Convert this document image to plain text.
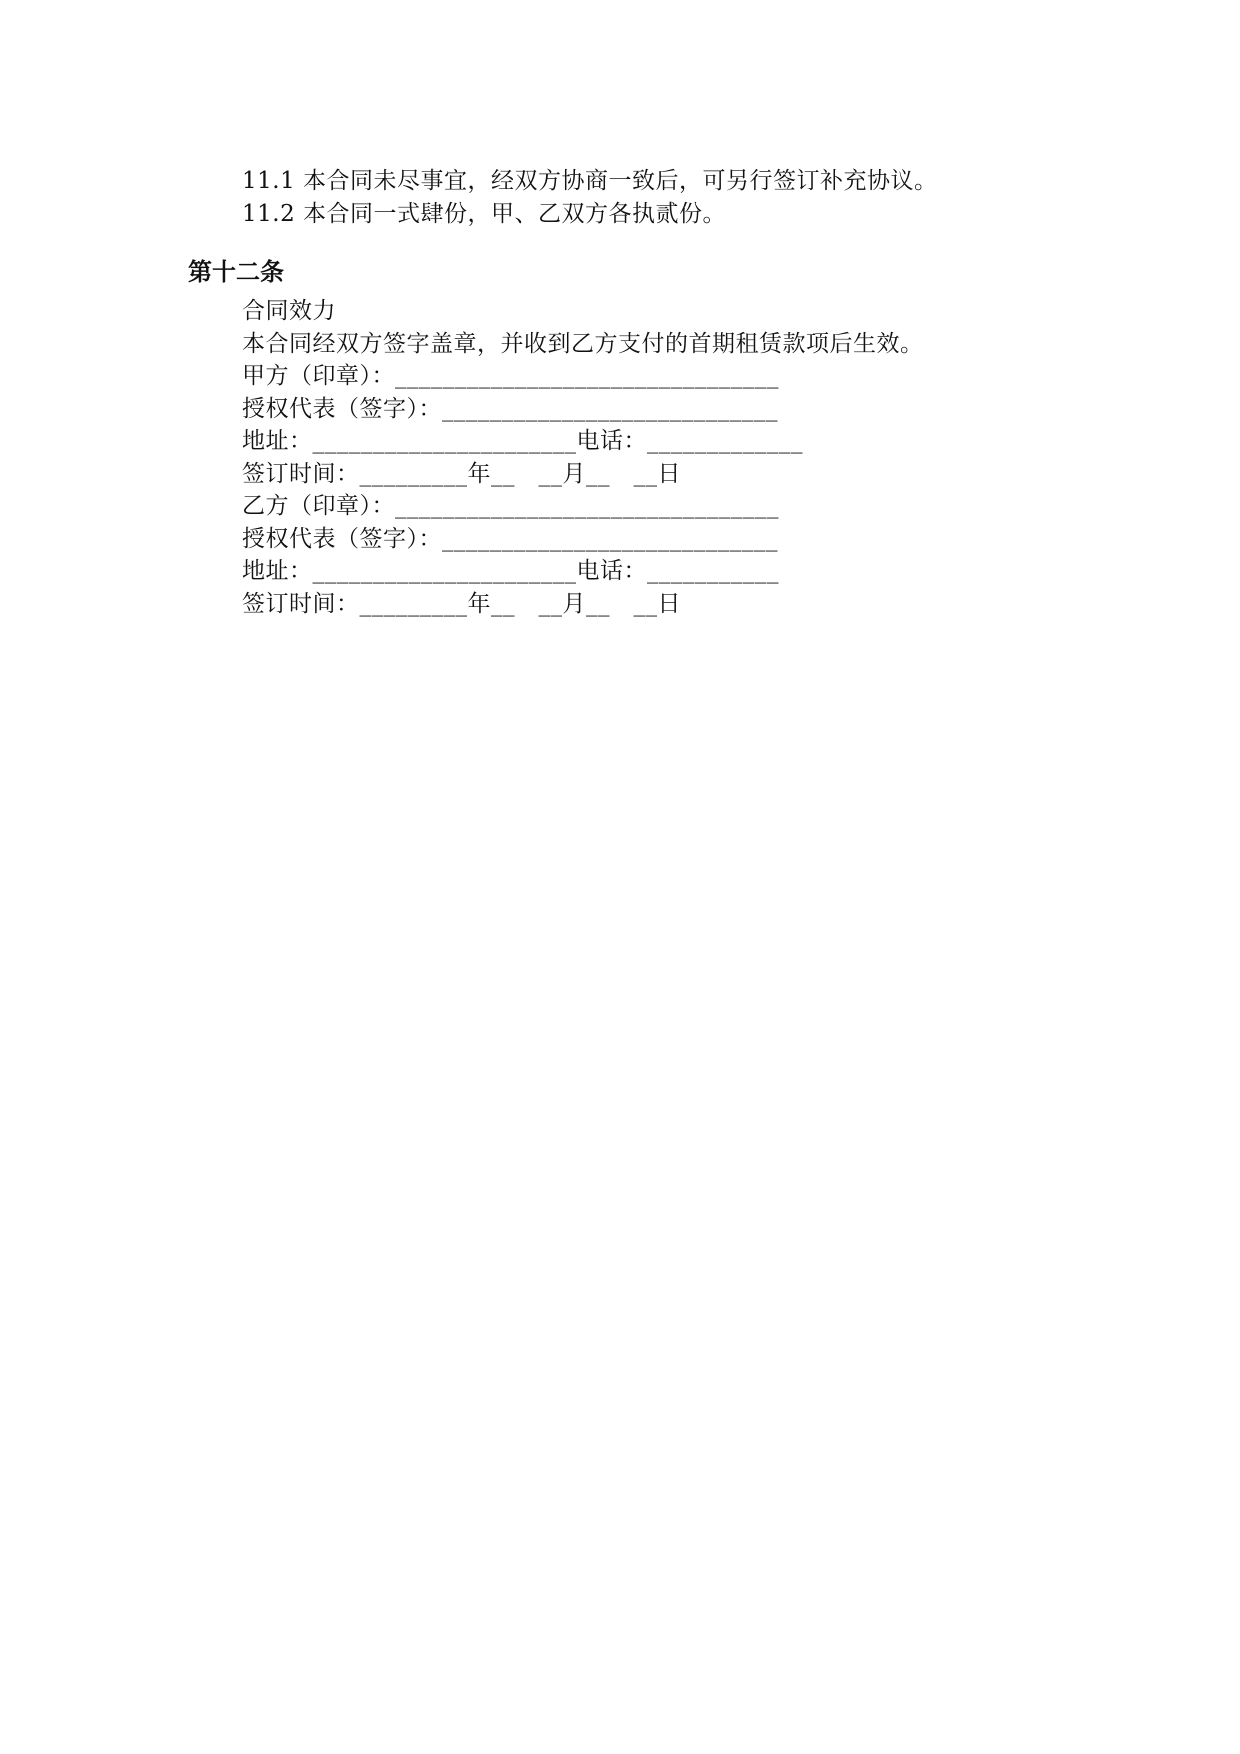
11.1 本合同未尽事宜，经双方协商一致后，可另行签订补充协议。
11.2 本合同一式肆份，甲、乙双方各执贰份。
第十二条
合同效力
本合同经双方签字盖章，并收到乙方支付的首期租赁款项后生效。
甲方（印章）：________________________________
授权代表（签字）：____________________________
地址：______________________电话：_____________
签订时间：_________年__　__月__　__日
乙方（印章）：________________________________
授权代表（签字）：____________________________
地址：______________________电话：___________
签订时间：_________年__　__月__　__日
